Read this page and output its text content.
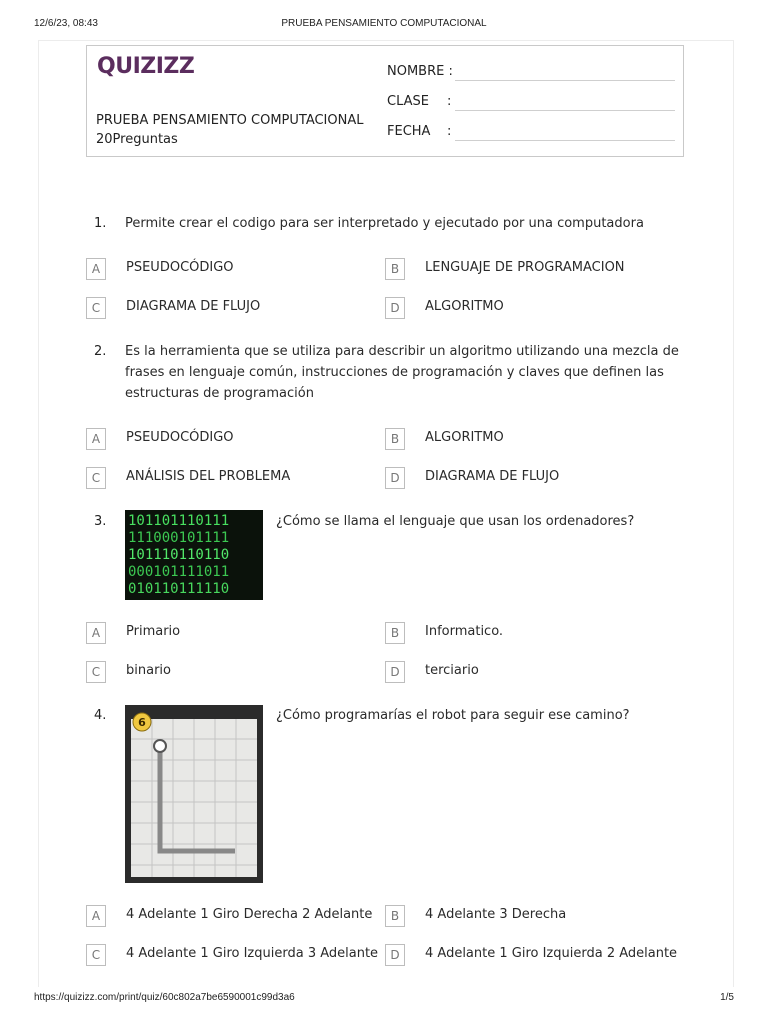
12/6/23, 08:43	PRUEBA PENSAMIENTO COMPUTACIONAL
QUIZIZZ
PRUEBA PENSAMIENTO COMPUTACIONAL
20Preguntas
NOMBRE :
CLASE :
FECHA :
1. Permite crear el codigo para ser interpretado y ejecutado por una computadora
A	PSEUDOCÓDIGO	B	LENGUAJE DE PROGRAMACION
C	DIAGRAMA DE FLUJO	D	ALGORITMO
2. Es la herramienta que se utiliza para describir un algoritmo utilizando una mezcla de
frases en lenguaje común, instrucciones de programación y claves que definen las
estructuras de programación
A	PSEUDOCÓDIGO	B	ALGORITMO
C	ANÁLISIS DEL PROBLEMA	D	DIAGRAMA DE FLUJO
3. 101101110111
111000101111
101110110110
000101111011
010110111110
¿Cómo se llama el lenguaje que usan los ordenadores?
A	Primario	B	Informatico.
C	binario	D	terciario
4.	6	¿Cómo programarías el robot para seguir ese camino?
A	4 Adelante 1 Giro Derecha 2 Adelante	B	4 Adelante 3 Derecha
C	4 Adelante 1 Giro Izquierda 3 Adelante	D	4 Adelante 1 Giro Izquierda 2 Adelante
https://quizizz.com/print/quiz/60c802a7be6590001c99d3a6	1/5
